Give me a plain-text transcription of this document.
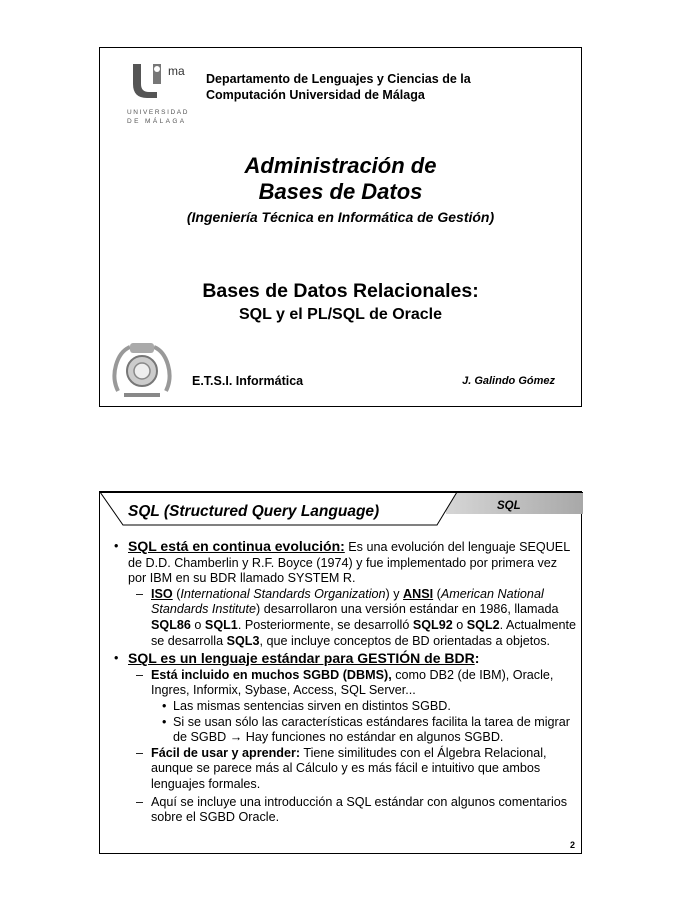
ma
UNIVERSIDAD
DE MÁLAGA
Departamento de Lenguajes y Ciencias de la
Computación Universidad de Málaga
Administración de
Bases de Datos
(Ingeniería Técnica en Informática de Gestión)
Bases de Datos Relacionales:
SQL y el PL/SQL de Oracle
E.T.S.I. Informática	J. Galindo Gómez
SQL (Structured Query Language)	SQL
• SQL está en continua evolución: Es una evolución del lenguaje SEQUEL de D.D. Chamberlin y R.F. Boyce (1974) y fue implementado por primera vez por IBM en su BDR llamado SYSTEM R.
– ISO (International Standards Organization) y ANSI (American National Standards Institute) desarrollaron una versión estándar en 1986, llamada SQL86 o SQL1. Posteriormente, se desarrolló SQL92 o SQL2. Actualmente se desarrolla SQL3, que incluye conceptos de BD orientadas a objetos.
• SQL es un lenguaje estándar para GESTIÓN de BDR:
– Está incluido en muchos SGBD (DBMS), como DB2 (de IBM), Oracle, Ingres, Informix, Sybase, Access, SQL Server...
• Las mismas sentencias sirven en distintos SGBD.
• Si se usan sólo las características estándares facilita la tarea de migrar de SGBD → Hay funciones no estándar en algunos SGBD.
– Fácil de usar y aprender: Tiene similitudes con el Álgebra Relacional, aunque se parece más al Cálculo y es más fácil e intuitivo que ambos lenguajes formales.
– Aquí se incluye una introducción a SQL estándar con algunos comentarios sobre el SGBD Oracle.
2
